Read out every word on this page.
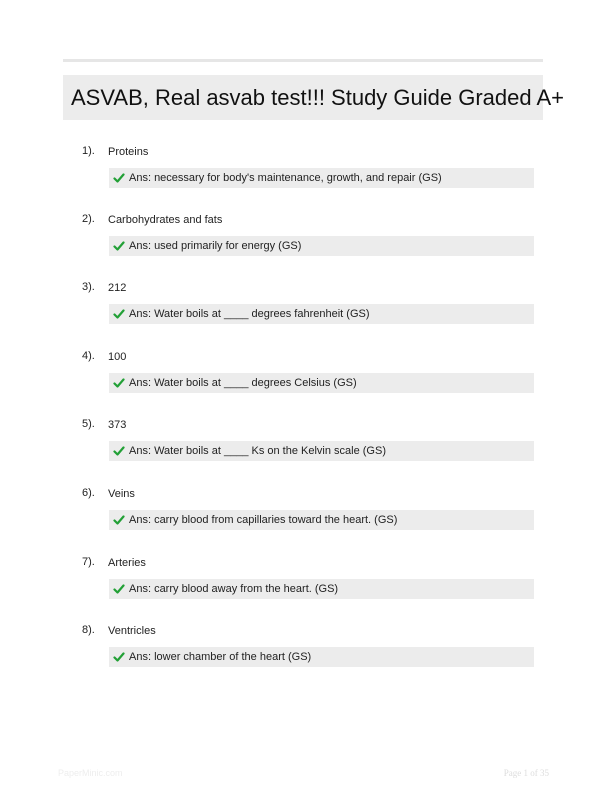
ASVAB, Real asvab test!!! Study Guide Graded A+
1). Proteins
Ans: necessary for body's maintenance, growth, and repair (GS)
2). Carbohydrates and fats
Ans: used primarily for energy (GS)
3). 212
Ans: Water boils at ____ degrees fahrenheit (GS)
4). 100
Ans: Water boils at ____ degrees Celsius (GS)
5). 373
Ans: Water boils at ____ Ks on the Kelvin scale (GS)
6). Veins
Ans: carry blood from capillaries toward the heart. (GS)
7). Arteries
Ans: carry blood away from the heart. (GS)
8). Ventricles
Ans: lower chamber of the heart (GS)
PaperMinic.com	Page 1 of 35
